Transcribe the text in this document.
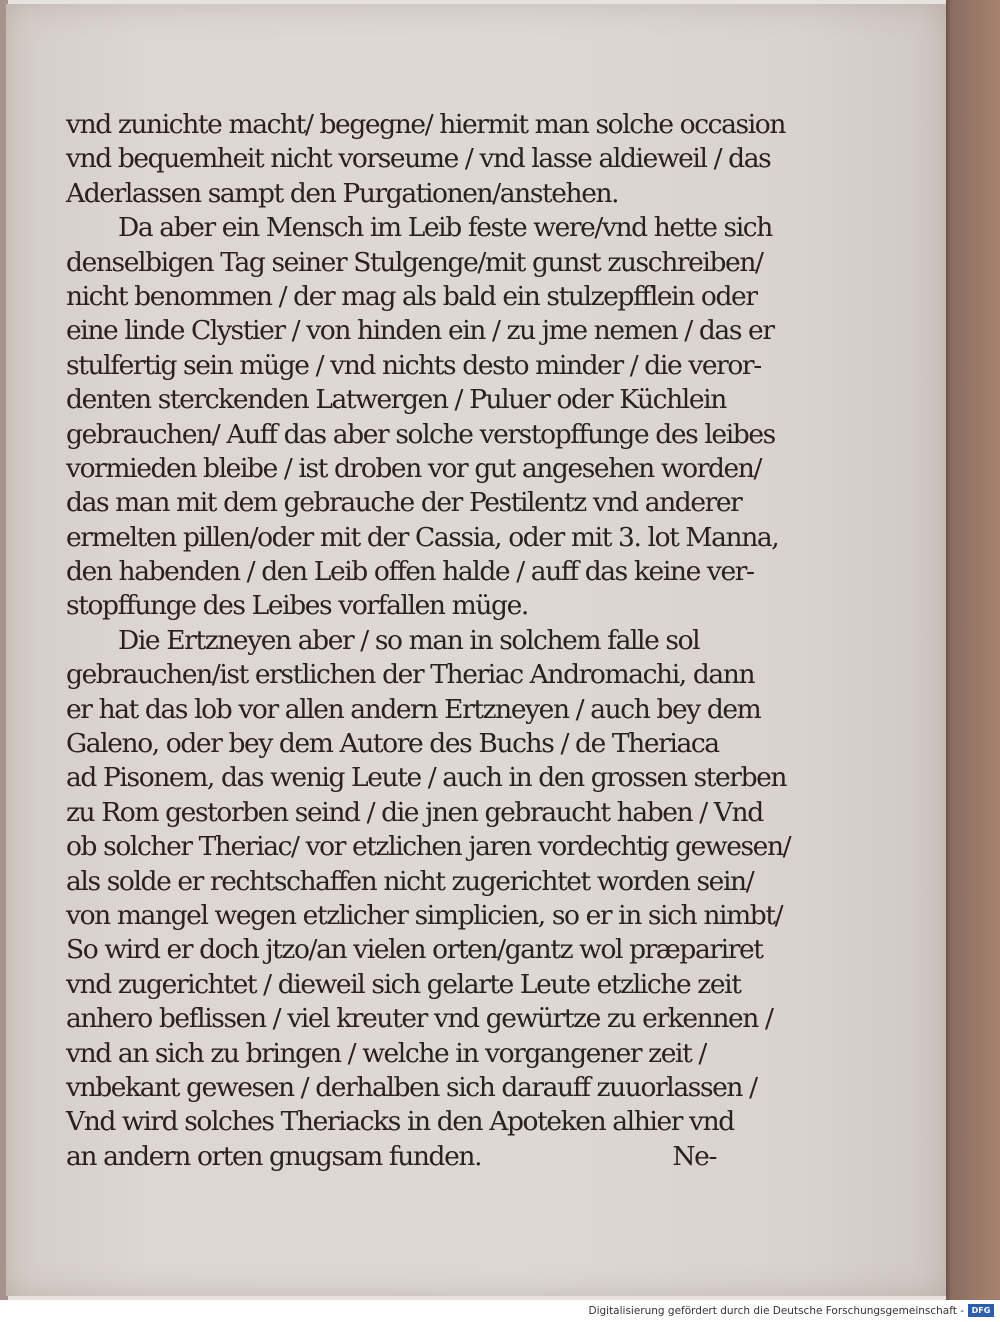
vnd zunichte macht/ begegne/ hiermit man solche occasion
vnd bequemheit nicht vorseume / vnd lasse aldieweil / das
Aderlassen sampt den Purgationen/anstehen.
Da aber ein Mensch im Leib feste were/vnd hette sich
denselbigen Tag seiner Stulgenge/mit gunst zuschreiben/
nicht benommen / der mag als bald ein stulzepfflein oder
eine linde Clystier / von hinden ein / zu jme nemen / das er
stulfertig sein müge / vnd nichts desto minder / die veror-
denten sterckenden Latwergen / Puluer oder Küchlein
gebrauchen/ Auff das aber solche verstopffunge des leibes
vormieden bleibe / ist droben vor gut angesehen worden/
das man mit dem gebrauche der Pestilentz vnd anderer
ermelten pillen/oder mit der Cassia, oder mit 3. lot Manna,
den habenden / den Leib offen halde / auff das keine ver-
stopffunge des Leibes vorfallen müge.
Die Ertzneyen aber / so man in solchem falle sol
gebrauchen/ist erstlichen der Theriac Andromachi, dann
er hat das lob vor allen andern Ertzneyen / auch bey dem
Galeno, oder bey dem Autore des Buchs / de Theriaca
ad Pisonem, das wenig Leute / auch in den grossen sterben
zu Rom gestorben seind / die jnen gebraucht haben / Vnd
ob solcher Theriac/ vor etzlichen jaren vordechtig gewesen/
als solde er rechtschaffen nicht zugerichtet worden sein/
von mangel wegen etzlicher simplicien, so er in sich nimbt/
So wird er doch jtzo/an vielen orten/gantz wol præpariret
vnd zugerichtet / dieweil sich gelarte Leute etzliche zeit
anhero beflissen / viel kreuter vnd gewürtze zu erkennen /
vnd an sich zu bringen / welche in vorgangener zeit /
vnbekant gewesen / derhalben sich darauff zuuorlassen /
Vnd wird solches Theriacks in den Apoteken alhier vnd
an andern orten gnugsam funden.	Ne-
Digitalisierung gefördert durch die Deutsche Forschungsgemeinschaft - DFG
